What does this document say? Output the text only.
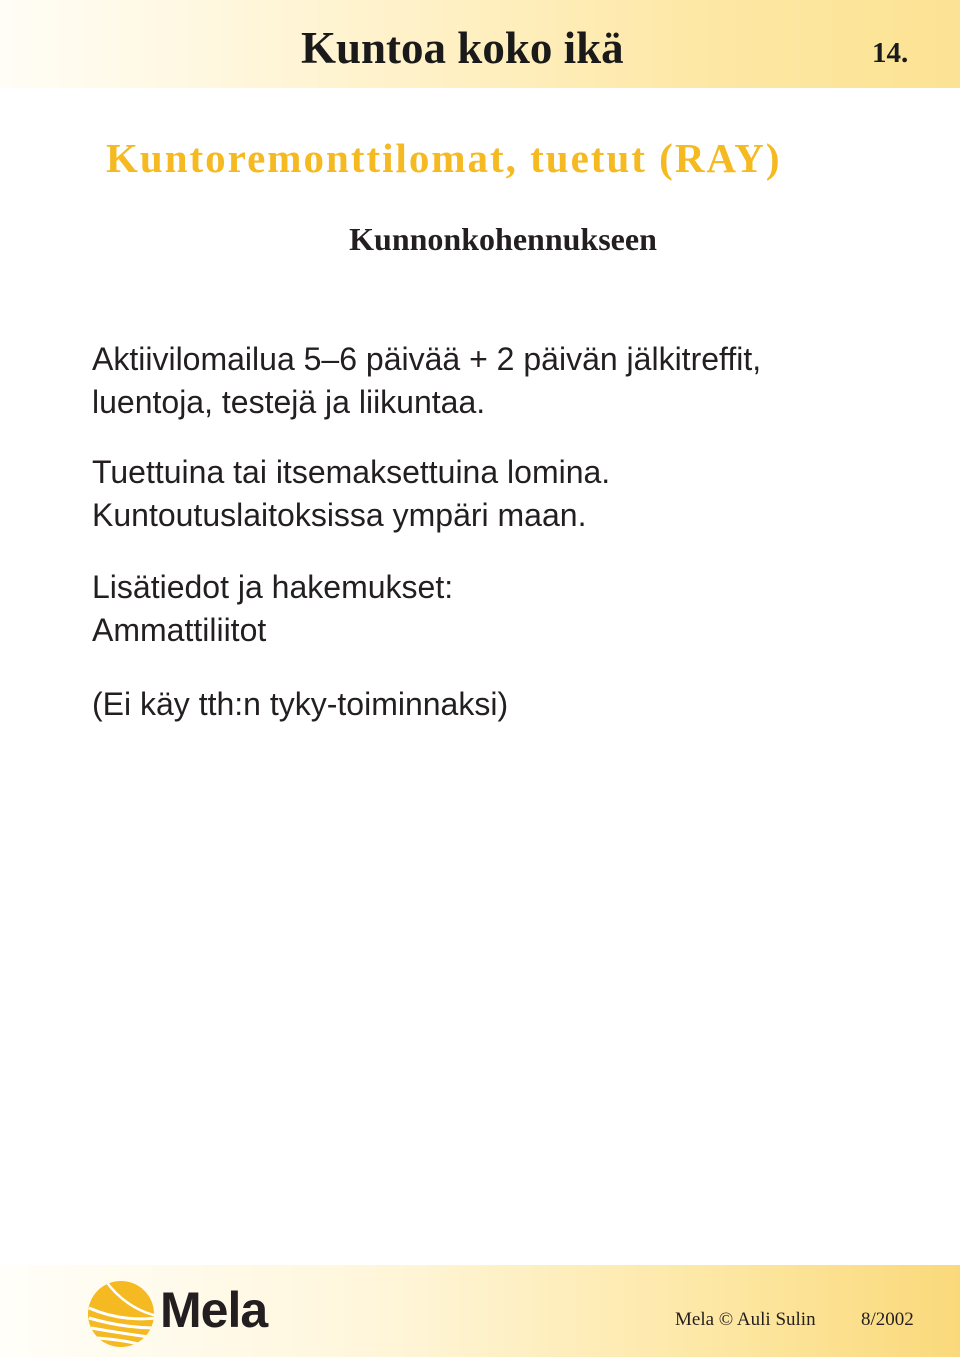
Kuntoa koko ikä	14.
Kuntoremonttilomat, tuetut (RAY)
Kunnonkohennukseen

Aktiivilomailua 5–6 päivää + 2 päivän jälkitreffit,
luentoja, testejä ja liikuntaa.

Tuettuina tai itsemaksettuina lomina.
Kuntoutuslaitoksissa ympäri maan.

Lisätiedot ja hakemukset:
Ammattiliitot

(Ei käy tth:n tyky-toiminnaksi)

Mela	Mela © Auli Sulin 8/2002
